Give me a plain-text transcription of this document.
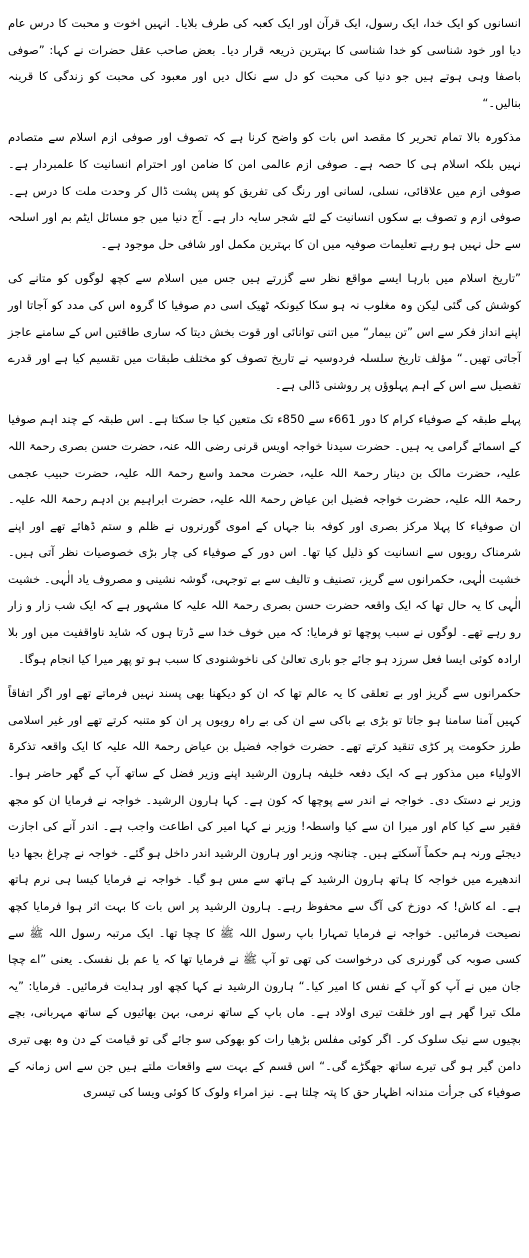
انسانوں کو ایک خدا، ایک رسول، ایک قرآن اور ایک کعبہ کی طرف بلایا۔ انہیں اخوت و محبت کا درس عام دیا اور خود شناسی کو خدا شناسی کا بہترین ذریعہ قرار دیا۔ بعض صاحب عقل حضرات نے کہا: ”صوفی باصفا وہی ہوتے ہیں جو دنیا کی محبت کو دل سے نکال دیں اور معبود کی محبت کو زندگی کا قرینہ بنالیں۔“

مذکورہ بالا تمام تحریر کا مقصد اس بات کو واضح کرنا ہے کہ تصوف اور صوفی ازم اسلام سے متصادم نہیں بلکہ اسلام ہی کا حصہ ہے۔ صوفی ازم عالمی امن کا ضامن اور احترام انسانیت کا علمبردار ہے۔ صوفی ازم میں علاقائی، نسلی، لسانی اور رنگ کی تفریق کو پس پشت ڈال کر وحدت ملت کا درس ہے۔ صوفی ازم و تصوف بے سکوں انسانیت کے لئے شجر سایہ دار ہے۔ آج دنیا میں جو مسائل ایٹم بم اور اسلحہ سے حل نہیں ہو رہے تعلیمات صوفیہ میں ان کا بہترین مکمل اور شافی حل موجود ہے۔

”تاریخ اسلام میں بارہا ایسے مواقع نظر سے گزرتے ہیں جس میں اسلام سے کچھ لوگوں کو متانے کی کوشش کی گئی لیکن وہ مغلوب نہ ہو سکا کیونکہ ٹھیک اسی دم صوفیا کا گروہ اس کی مدد کو آجاتا اور اپنے انداز فکر سے اس ”تن بیمار“ میں اتنی توانائی اور قوت بخش دیتا کہ ساری طاقتیں اس کے سامنے عاجز آجاتی تھیں۔“ مؤلف تاریخ سلسلہ فردوسیہ نے تاریخ تصوف کو مختلف طبقات میں تقسیم کیا ہے اور قدرے تفصیل سے اس کے اہم پہلوؤں پر روشنی ڈالی ہے۔

پہلے طبقہ کے صوفیاء کرام کا دور 661ء سے 850ء تک متعین کیا جا سکتا ہے۔ اس طبقہ کے چند اہم صوفیا کے اسمائے گرامی یہ ہیں۔ حضرت سیدنا خواجہ اویس قرنی رضی اللہ عنہ، حضرت حسن بصری رحمۃ اللہ علیہ، حضرت مالک بن دینار رحمۃ اللہ علیہ، حضرت محمد واسع رحمۃ اللہ علیہ، حضرت حبیب عجمی رحمۃ اللہ علیہ، حضرت خواجہ فضیل ابن عیاض رحمۃ اللہ علیہ، حضرت ابراہیم بن ادہم رحمۃ اللہ علیہ۔ ان صوفیاء کا پہلا مرکز بصری اور کوفہ بنا جہاں کے اموی گورنروں نے ظلم و ستم ڈھائے تھے اور اپنے شرمناک رویوں سے انسانیت کو ذلیل کیا تھا۔ اس دور کے صوفیاء کی چار بڑی خصوصیات نظر آتی ہیں۔ خشیت الٰہی، حکمرانوں سے گریز، تصنیف و تالیف سے بے توجہی، گوشہ نشینی و مصروف یاد الٰہی۔ خشیت الٰہی کا یہ حال تھا کہ ایک واقعہ حضرت حسن بصری رحمۃ اللہ علیہ کا مشہور ہے کہ ایک شب زار و زار رو رہے تھے۔ لوگوں نے سبب پوچھا تو فرمایا: کہ میں خوف خدا سے ڈرتا ہوں کہ شاید ناواقفیت میں اور بلا ارادہ کوئی ایسا فعل سرزد ہو جائے جو باری تعالیٰ کی ناخوشنودی کا سبب ہو تو پھر میرا کیا انجام ہوگا۔

حکمرانوں سے گریز اور بے تعلقی کا یہ عالم تھا کہ ان کو دیکھنا بھی پسند نہیں فرماتے تھے اور اگر اتفاقاً کہیں آمنا سامنا ہو جاتا تو بڑی بے باکی سے ان کی بے راہ رویوں پر ان کو متنبہ کرتے تھے اور غیر اسلامی طرز حکومت پر کڑی تنقید کرتے تھے۔ حضرت خواجہ فضیل بن عیاض رحمۃ اللہ علیہ کا ایک واقعہ تذکرۃ الاولیاء میں مذکور ہے کہ ایک دفعہ خلیفہ ہارون الرشید اپنے وزیر فضل کے ساتھ آپ کے گھر حاضر ہوا۔ وزیر نے دستک دی۔ خواجہ نے اندر سے پوچھا کہ کون ہے۔ کہا ہارون الرشید۔ خواجہ نے فرمایا ان کو مجھ فقیر سے کیا کام اور میرا ان سے کیا واسطہ! وزیر نے کہا امیر کی اطاعت واجب ہے۔ اندر آنے کی اجازت دیجئے ورنہ ہم حکماً آسکتے ہیں۔ چنانچہ وزیر اور ہارون الرشید اندر داخل ہو گئے۔ خواجہ نے چراغ بجھا دیا اندھیرے میں خواجہ کا ہاتھ ہارون الرشید کے ہاتھ سے مس ہو گیا۔ خواجہ نے فرمایا کیسا ہی نرم ہاتھ ہے۔ اے کاش! کہ دوزخ کی آگ سے محفوظ رہے۔ ہارون الرشید پر اس بات کا بہت اثر ہوا فرمایا کچھ نصیحت فرمائیں۔ خواجہ نے فرمایا تمہارا باپ رسول اللہ ﷺ کا چچا تھا۔ ایک مرتبہ رسول اللہ ﷺ سے کسی صوبہ کی گورنری کی درخواست کی تھی تو آپ ﷺ نے فرمایا تھا کہ یا عم بل نفسک۔ یعنی ”اے چچا جان میں نے آپ کو آپ کے نفس کا امیر کیا۔“ ہارون الرشید نے کہا کچھ اور ہدایت فرمائیں۔ فرمایا: ”یہ ملک تیرا گھر ہے اور خلقت تیری اولاد ہے۔ ماں باپ کے ساتھ نرمی، بہن بھائیوں کے ساتھ مہربانی، بچے بچیوں سے نیک سلوک کر۔ اگر کوئی مفلس بڑھیا رات کو بھوکی سو جائے گی تو قیامت کے دن وہ بھی تیری دامن گیر ہو گی تیرے ساتھ جھگڑے گی۔“ اس قسم کے بہت سے واقعات ملتے ہیں جن سے اس زمانہ کے صوفیاء کی جرأت مندانہ اظہار حق کا پتہ چلتا ہے۔ نیز امراء ولوک کا کوئی ویسا کی تیسری
